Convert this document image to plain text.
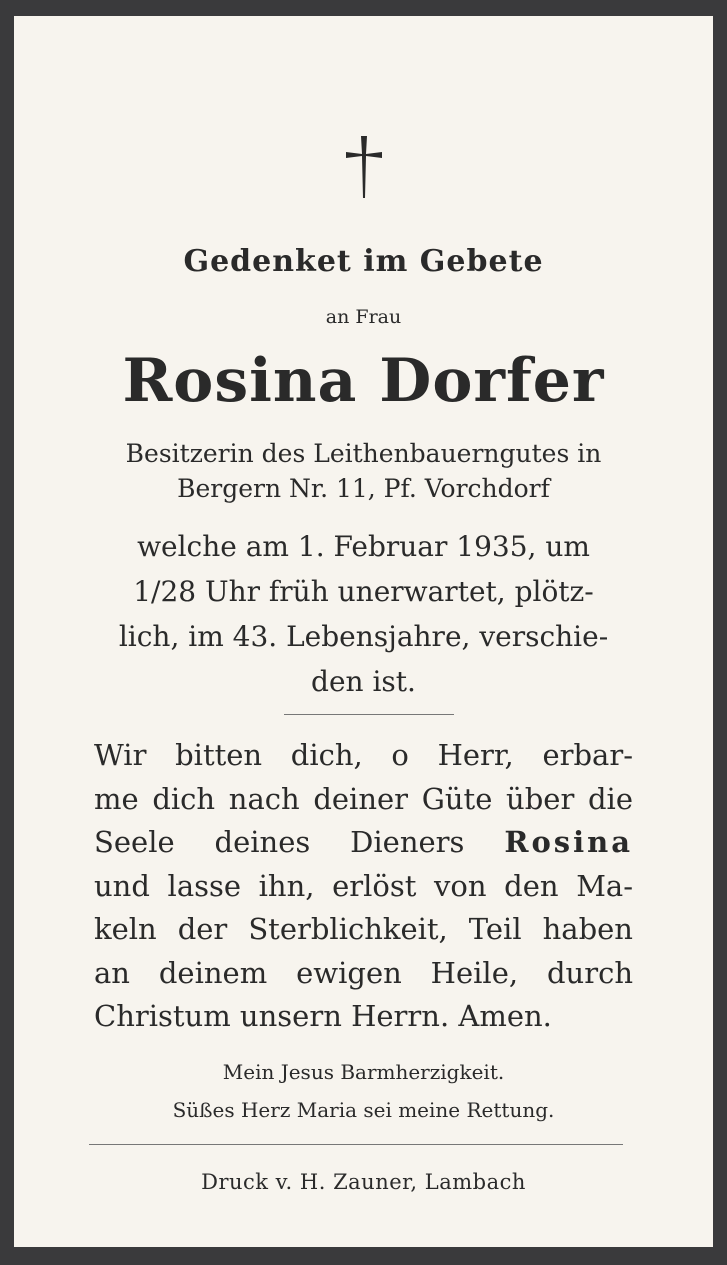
Gedenket im Gebete
an Frau
Rosina Dorfer
Besitzerin des Leithenbauerngutes in
Bergern Nr. 11, Pf. Vorchdorf
welche am 1. Februar 1935, um
1/28 Uhr früh unerwartet, plötz-
lich, im 43. Lebensjahre, verschie-
den ist.
Wir bitten dich, o Herr, erbar-
me dich nach deiner Güte über die
Seele deines Dieners Rosina
und lasse ihn, erlöst von den Ma-
keln der Sterblichkeit, Teil haben
an deinem ewigen Heile, durch
Christum unsern Herrn. Amen.
Mein Jesus Barmherzigkeit.
Süßes Herz Maria sei meine Rettung.
Druck v. H. Zauner, Lambach
